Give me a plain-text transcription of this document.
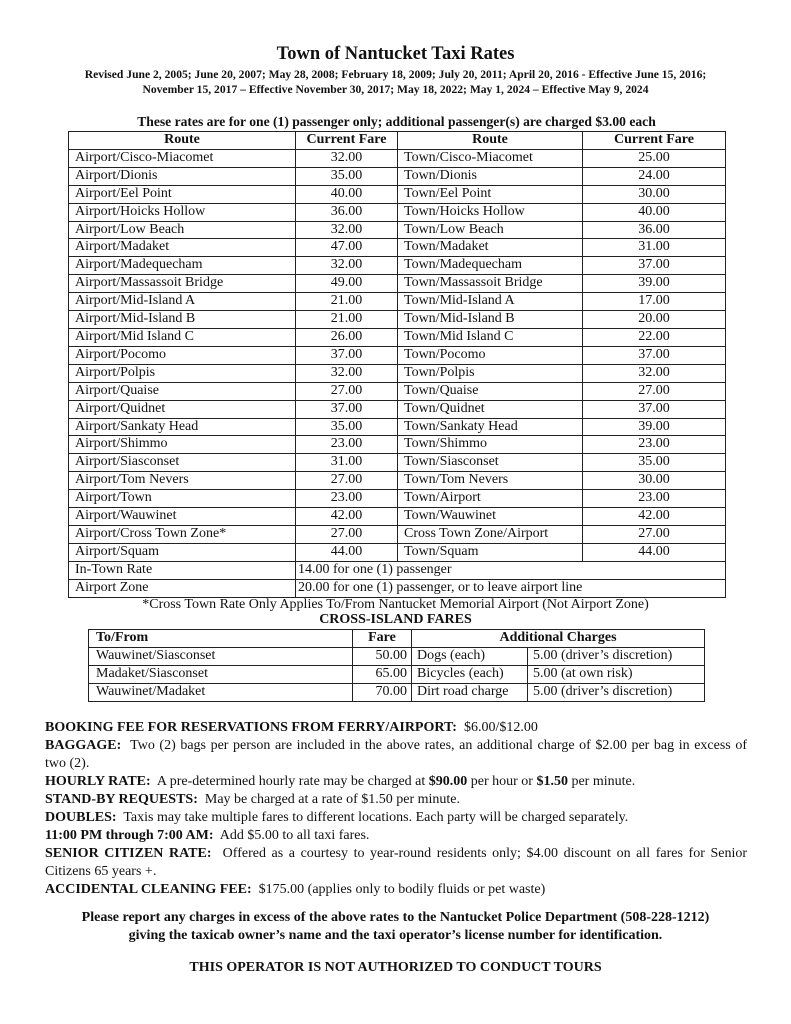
Town of Nantucket Taxi Rates
Revised June 2, 2005; June 20, 2007; May 28, 2008; February 18, 2009; July 20, 2011; April 20, 2016 - Effective June 15, 2016;
November 15, 2017 – Effective November 30, 2017; May 18, 2022; May 1, 2024 – Effective May 9, 2024
These rates are for one (1) passenger only; additional passenger(s) are charged $3.00 each
Route	Current Fare	Route	Current Fare
Airport/Cisco-Miacomet	32.00	Town/Cisco-Miacomet	25.00
Airport/Dionis	35.00	Town/Dionis	24.00
Airport/Eel Point	40.00	Town/Eel Point	30.00
Airport/Hoicks Hollow	36.00	Town/Hoicks Hollow	40.00
Airport/Low Beach	32.00	Town/Low Beach	36.00
Airport/Madaket	47.00	Town/Madaket	31.00
Airport/Madequecham	32.00	Town/Madequecham	37.00
Airport/Massassoit Bridge	49.00	Town/Massassoit Bridge	39.00
Airport/Mid-Island A	21.00	Town/Mid-Island A	17.00
Airport/Mid-Island B	21.00	Town/Mid-Island B	20.00
Airport/Mid Island C	26.00	Town/Mid Island C	22.00
Airport/Pocomo	37.00	Town/Pocomo	37.00
Airport/Polpis	32.00	Town/Polpis	32.00
Airport/Quaise	27.00	Town/Quaise	27.00
Airport/Quidnet	37.00	Town/Quidnet	37.00
Airport/Sankaty Head	35.00	Town/Sankaty Head	39.00
Airport/Shimmo	23.00	Town/Shimmo	23.00
Airport/Siasconset	31.00	Town/Siasconset	35.00
Airport/Tom Nevers	27.00	Town/Tom Nevers	30.00
Airport/Town	23.00	Town/Airport	23.00
Airport/Wauwinet	42.00	Town/Wauwinet	42.00
Airport/Cross Town Zone*	27.00	Cross Town Zone/Airport	27.00
Airport/Squam	44.00	Town/Squam	44.00
In-Town Rate	14.00 for one (1) passenger		
Airport Zone	20.00 for one (1) passenger, or to leave airport line		
*Cross Town Rate Only Applies To/From Nantucket Memorial Airport (Not Airport Zone)
CROSS-ISLAND FARES
To/From	Fare	Additional Charges	
Wauwinet/Siasconset	50.00	Dogs (each)	5.00 (driver’s discretion)
Madaket/Siasconset	65.00	Bicycles (each)	5.00 (at own risk)
Wauwinet/Madaket	70.00	Dirt road charge	5.00 (driver’s discretion)

BOOKING FEE FOR RESERVATIONS FROM FERRY/AIRPORT: $6.00/$12.00

BAGGAGE: Two (2) bags per person are included in the above rates, an additional charge of $2.00 per bag in excess of two (2).

HOURLY RATE: A pre-determined hourly rate may be charged at $90.00 per hour or $1.50 per minute.

STAND-BY REQUESTS: May be charged at a rate of $1.50 per minute.

DOUBLES: Taxis may take multiple fares to different locations. Each party will be charged separately.

11:00 PM through 7:00 AM: Add $5.00 to all taxi fares.

SENIOR CITIZEN RATE: Offered as a courtesy to year-round residents only; $4.00 discount on all fares for Senior Citizens 65 years +.

ACCIDENTAL CLEANING FEE: $175.00 (applies only to bodily fluids or pet waste)

Please report any charges in excess of the above rates to the Nantucket Police Department (508-228-1212)
giving the taxicab owner’s name and the taxi operator’s license number for identification.
THIS OPERATOR IS NOT AUTHORIZED TO CONDUCT TOURS
